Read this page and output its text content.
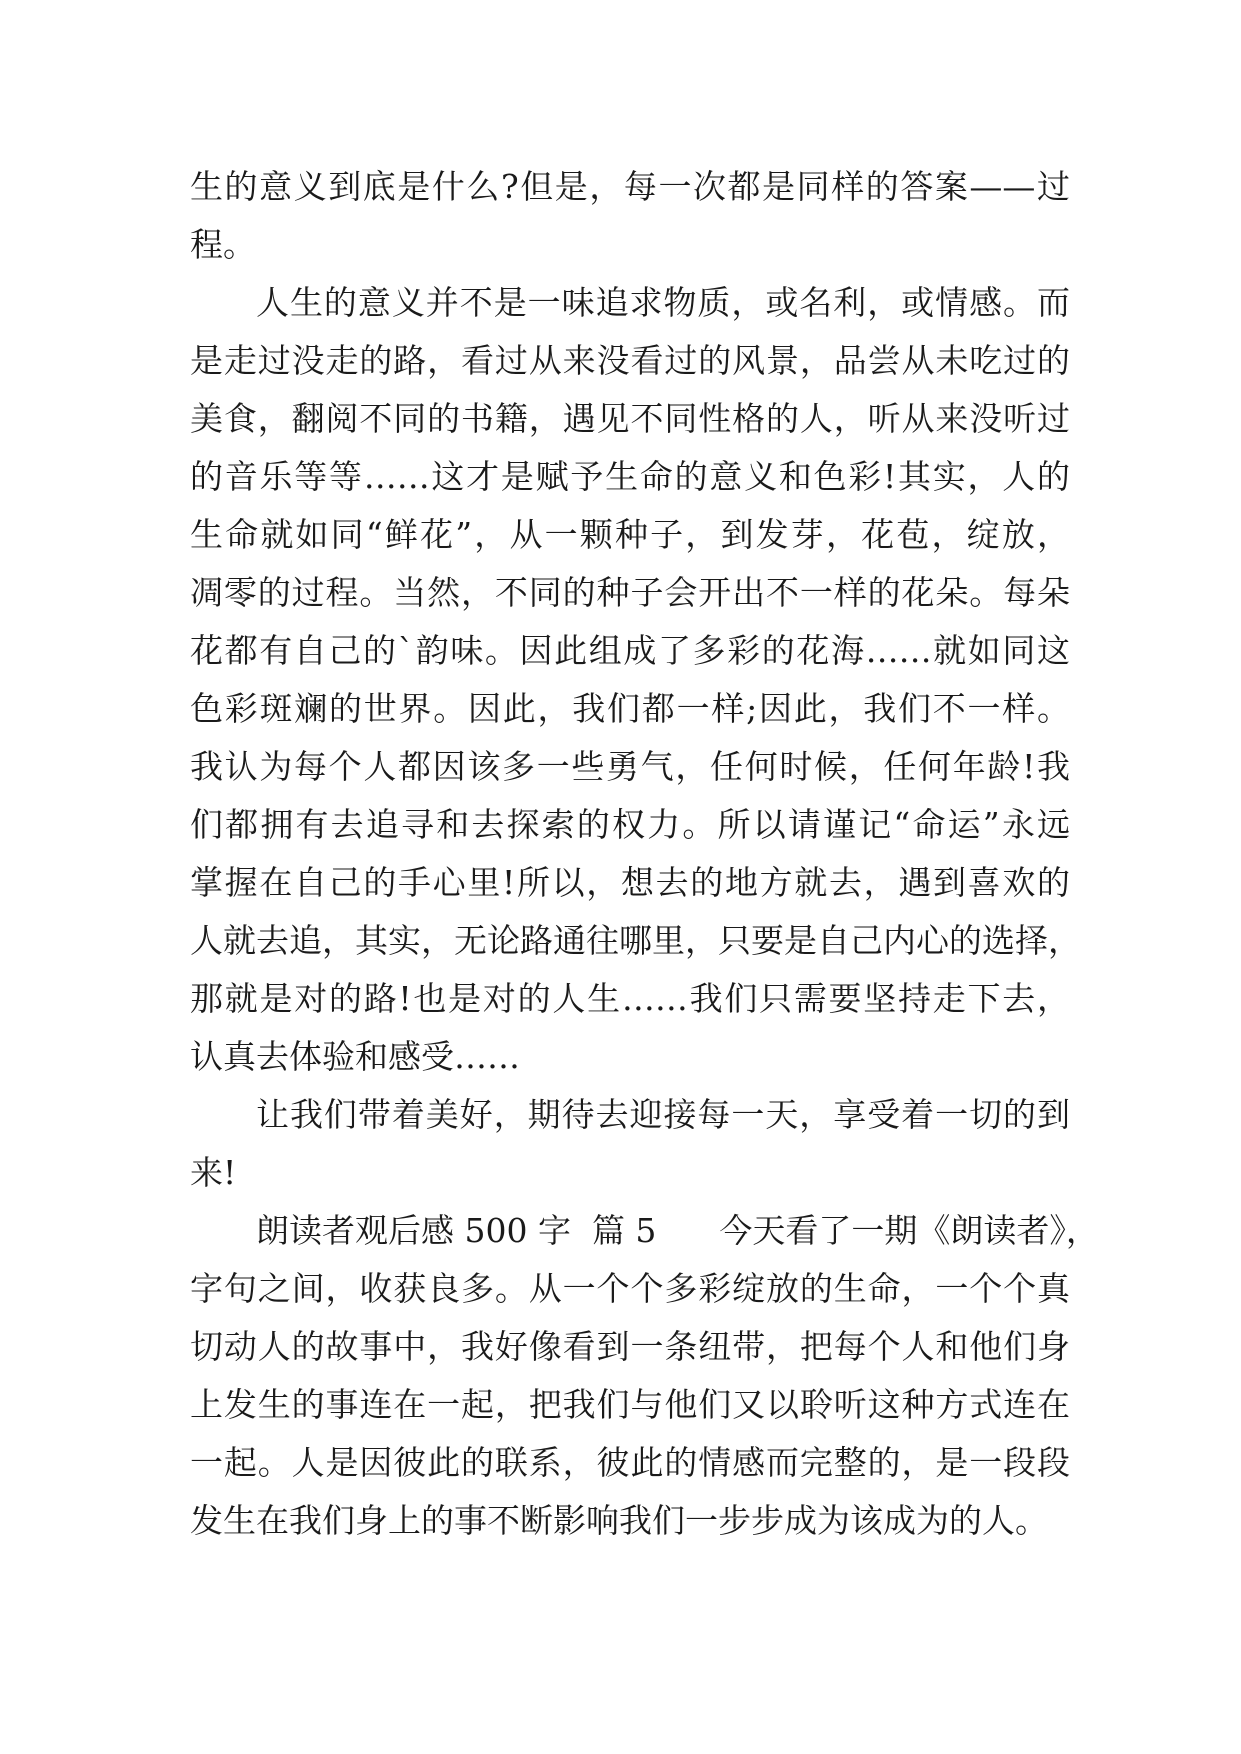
生的意义到底是什么?但是，每一次都是同样的答案——过
程。
人生的意义并不是一味追求物质，或名利，或情感。而
是走过没走的路，看过从来没看过的风景，品尝从未吃过的
美食，翻阅不同的书籍，遇见不同性格的人，听从来没听过
的音乐等等……这才是赋予生命的意义和色彩!其实，人的
生命就如同“鲜花”，从一颗种子，到发芽，花苞，绽放，
凋零的过程。当然，不同的种子会开出不一样的花朵。每朵
花都有自己的`韵味。因此组成了多彩的花海……就如同这
色彩斑斓的世界。因此，我们都一样;因此，我们不一样。
我认为每个人都因该多一些勇气，任何时候，任何年龄!我
们都拥有去追寻和去探索的权力。所以请谨记“命运”永远
掌握在自己的手心里!所以，想去的地方就去，遇到喜欢的
人就去追，其实，无论路通往哪里，只要是自己内心的选择，
那就是对的路!也是对的人生……我们只需要坚持走下去，
认真去体验和感受……
让我们带着美好，期待去迎接每一天，享受着一切的到
来!
朗读者观后感 500 字  篇 5      今天看了一期《朗读者》，
字句之间，收获良多。从一个个多彩绽放的生命，一个个真
切动人的故事中，我好像看到一条纽带，把每个人和他们身
上发生的事连在一起，把我们与他们又以聆听这种方式连在
一起。人是因彼此的联系，彼此的情感而完整的，是一段段
发生在我们身上的事不断影响我们一步步成为该成为的人。
